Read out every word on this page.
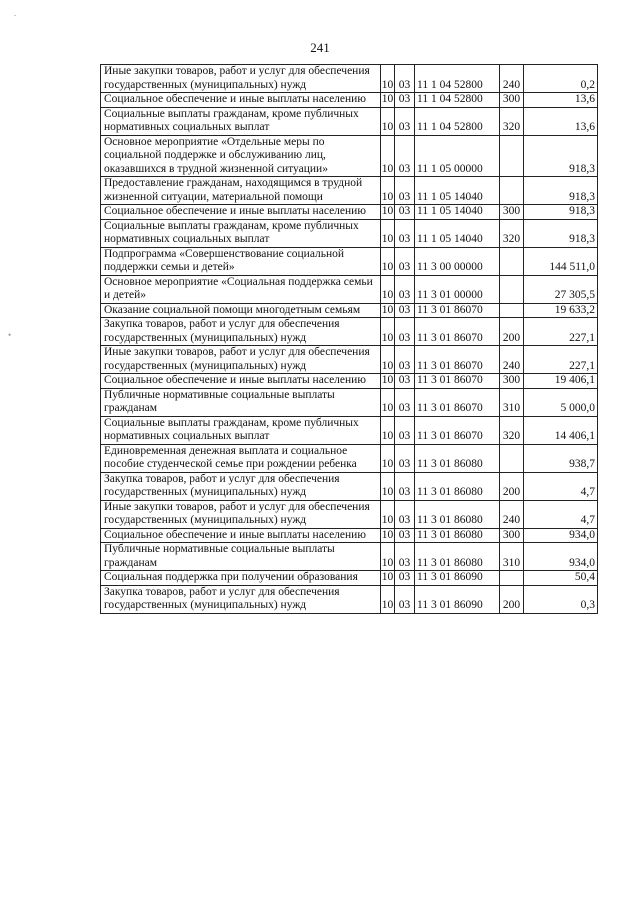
241
Иные закупки товаров, работ и услуг для обеспечения государственных (муниципальных) нужд	10	03	11 1 04 52800	240	0,2
Социальное обеспечение и иные выплаты населению	10	03	11 1 04 52800	300	13,6
Социальные выплаты гражданам, кроме публичных нормативных социальных выплат	10	03	11 1 04 52800	320	13,6
Основное мероприятие «Отдельные меры по социальной поддержке и обслуживанию лиц, оказавшихся в трудной жизненной ситуации»	10	03	11 1 05 00000		918,3
Предоставление гражданам, находящимся в трудной жизненной ситуации, материальной помощи	10	03	11 1 05 14040		918,3
Социальное обеспечение и иные выплаты населению	10	03	11 1 05 14040	300	918,3
Социальные выплаты гражданам, кроме публичных нормативных социальных выплат	10	03	11 1 05 14040	320	918,3
Подпрограмма «Совершенствование социальной поддержки семьи и детей»	10	03	11 3 00 00000		144 511,0
Основное мероприятие «Социальная поддержка семьи и детей»	10	03	11 3 01 00000		27 305,5
Оказание социальной помощи многодетным семьям	10	03	11 3 01 86070		19 633,2
Закупка товаров, работ и услуг для обеспечения государственных (муниципальных) нужд	10	03	11 3 01 86070	200	227,1
Иные закупки товаров, работ и услуг для обеспечения государственных (муниципальных) нужд	10	03	11 3 01 86070	240	227,1
Социальное обеспечение и иные выплаты населению	10	03	11 3 01 86070	300	19 406,1
Публичные нормативные социальные выплаты гражданам	10	03	11 3 01 86070	310	5 000,0
Социальные выплаты гражданам, кроме публичных нормативных социальных выплат	10	03	11 3 01 86070	320	14 406,1
Единовременная денежная выплата и социальное пособие студенческой семье при рождении ребенка	10	03	11 3 01 86080		938,7
Закупка товаров, работ и услуг для обеспечения государственных (муниципальных) нужд	10	03	11 3 01 86080	200	4,7
Иные закупки товаров, работ и услуг для обеспечения государственных (муниципальных) нужд	10	03	11 3 01 86080	240	4,7
Социальное обеспечение и иные выплаты населению	10	03	11 3 01 86080	300	934,0
Публичные нормативные социальные выплаты гражданам	10	03	11 3 01 86080	310	934,0
Социальная поддержка при получении образования	10	03	11 3 01 86090		50,4
Закупка товаров, работ и услуг для обеспечения государственных (муниципальных) нужд	10	03	11 3 01 86090	200	0,3
.
•
